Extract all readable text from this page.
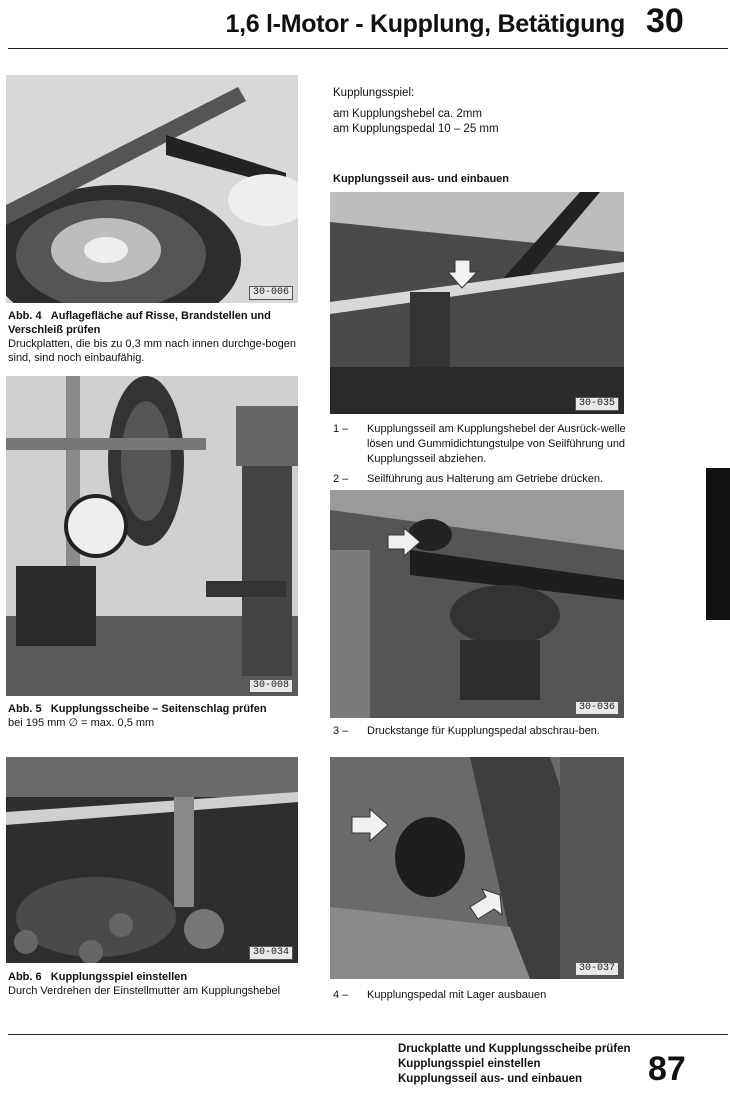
1,6 l-Motor - Kupplung, Betätigung 30
30-006
Abb. 4 Auflagefläche auf Risse, Brandstellen und Verschleiß prüfen
Druckplatten, die bis zu 0,3 mm nach innen durchge-bogen sind, sind noch einbaufähig.
30-008
Abb. 5 Kupplungsscheibe – Seitenschlag prüfen
bei 195 mm ∅ = max. 0,5 mm
30-034
Abb. 6 Kupplungsspiel einstellen
Durch Verdrehen der Einstellmutter am Kupplungshebel
Kupplungsspiel:
am Kupplungshebel ca. 2mm
am Kupplungspedal 10 – 25 mm
Kupplungsseil aus- und einbauen
30-035
1 –	Kupplungsseil am Kupplungshebel der Ausrück-welle lösen und Gummidichtungstulpe von Seilführung und Kupplungsseil abziehen.
2 –	Seilführung aus Halterung am Getriebe drücken.
30-036
3 –	Druckstange für Kupplungspedal abschrau-ben.
30-037
4 –	Kupplungspedal mit Lager ausbauen
Druckplatte und Kupplungsscheibe prüfen
Kupplungsspiel einstellen
Kupplungsseil aus- und einbauen	87
